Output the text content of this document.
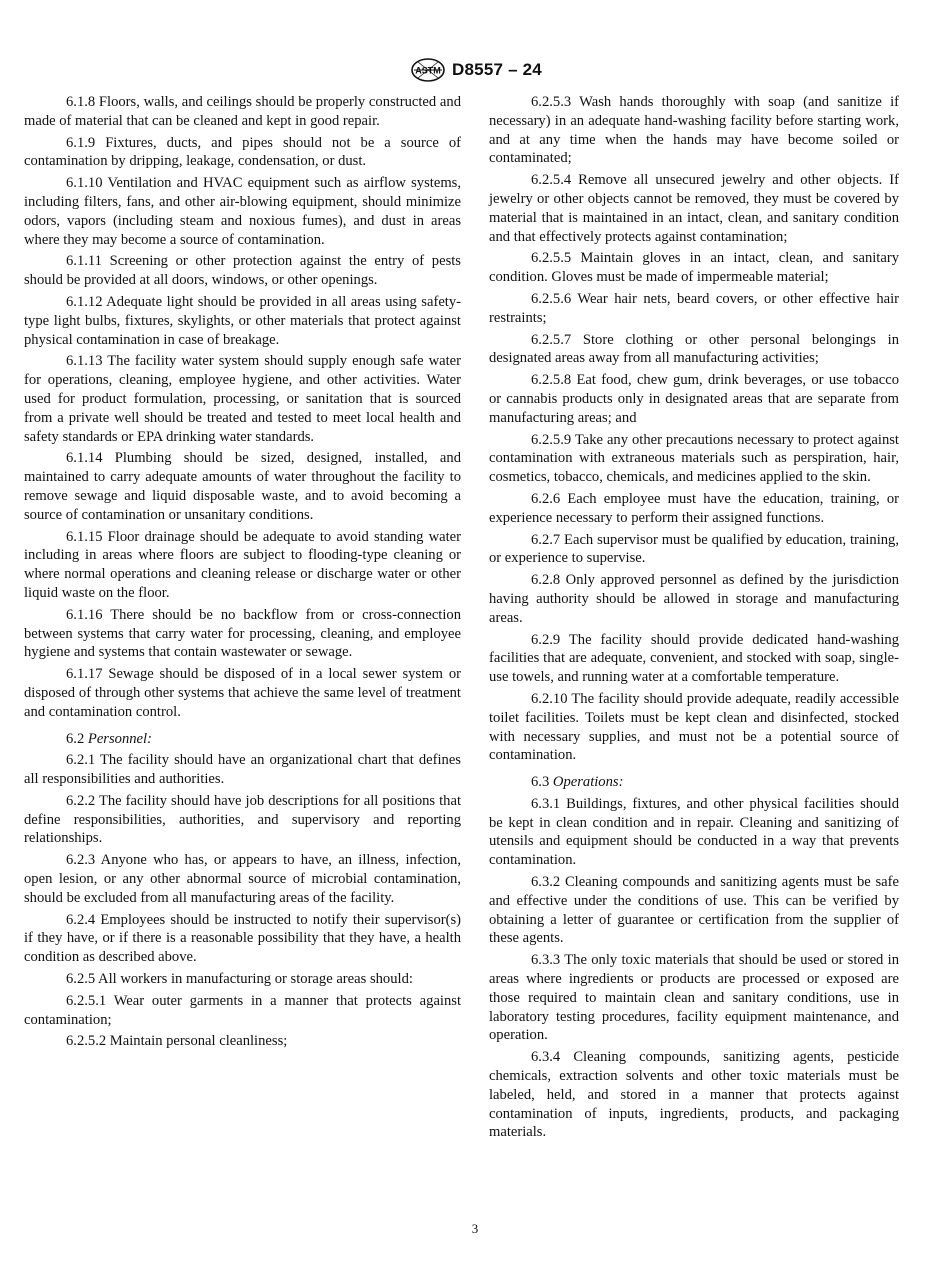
ASTM D8557 – 24

6.1.8 Floors, walls, and ceilings should be properly constructed and made of material that can be cleaned and kept in good repair.

6.1.9 Fixtures, ducts, and pipes should not be a source of contamination by dripping, leakage, condensation, or dust.

6.1.10 Ventilation and HVAC equipment such as airflow systems, including filters, fans, and other air-blowing equipment, should minimize odors, vapors (including steam and noxious fumes), and dust in areas where they may become a source of contamination.

6.1.11 Screening or other protection against the entry of pests should be provided at all doors, windows, or other openings.

6.1.12 Adequate light should be provided in all areas using safety-type light bulbs, fixtures, skylights, or other materials that protect against physical contamination in case of breakage.

6.1.13 The facility water system should supply enough safe water for operations, cleaning, employee hygiene, and other activities. Water used for product formulation, processing, or sanitation that is sourced from a private well should be treated and tested to meet local health and safety standards or EPA drinking water standards.

6.1.14 Plumbing should be sized, designed, installed, and maintained to carry adequate amounts of water throughout the facility to remove sewage and liquid disposable waste, and to avoid becoming a source of contamination or unsanitary conditions.

6.1.15 Floor drainage should be adequate to avoid standing water including in areas where floors are subject to flooding-type cleaning or where normal operations and cleaning release or discharge water or other liquid waste on the floor.

6.1.16 There should be no backflow from or cross-connection between systems that carry water for processing, cleaning, and employee hygiene and systems that contain wastewater or sewage.

6.1.17 Sewage should be disposed of in a local sewer system or disposed of through other systems that achieve the same level of treatment and contamination control.

6.2 Personnel:

6.2.1 The facility should have an organizational chart that defines all responsibilities and authorities.

6.2.2 The facility should have job descriptions for all positions that define responsibilities, authorities, and supervisory and reporting relationships.

6.2.3 Anyone who has, or appears to have, an illness, infection, open lesion, or any other abnormal source of microbial contamination, should be excluded from all manufacturing areas of the facility.

6.2.4 Employees should be instructed to notify their supervisor(s) if they have, or if there is a reasonable possibility that they have, a health condition as described above.

6.2.5 All workers in manufacturing or storage areas should:

6.2.5.1 Wear outer garments in a manner that protects against contamination;

6.2.5.2 Maintain personal cleanliness;

6.2.5.3 Wash hands thoroughly with soap (and sanitize if necessary) in an adequate hand-washing facility before starting work, and at any time when the hands may have become soiled or contaminated;

6.2.5.4 Remove all unsecured jewelry and other objects. If jewelry or other objects cannot be removed, they must be covered by material that is maintained in an intact, clean, and sanitary condition and that effectively protects against contamination;

6.2.5.5 Maintain gloves in an intact, clean, and sanitary condition. Gloves must be made of impermeable material;

6.2.5.6 Wear hair nets, beard covers, or other effective hair restraints;

6.2.5.7 Store clothing or other personal belongings in designated areas away from all manufacturing activities;

6.2.5.8 Eat food, chew gum, drink beverages, or use tobacco or cannabis products only in designated areas that are separate from manufacturing areas; and

6.2.5.9 Take any other precautions necessary to protect against contamination with extraneous materials such as perspiration, hair, cosmetics, tobacco, chemicals, and medicines applied to the skin.

6.2.6 Each employee must have the education, training, or experience necessary to perform their assigned functions.

6.2.7 Each supervisor must be qualified by education, training, or experience to supervise.

6.2.8 Only approved personnel as defined by the jurisdiction having authority should be allowed in storage and manufacturing areas.

6.2.9 The facility should provide dedicated hand-washing facilities that are adequate, convenient, and stocked with soap, single-use towels, and running water at a comfortable temperature.

6.2.10 The facility should provide adequate, readily accessible toilet facilities. Toilets must be kept clean and disinfected, stocked with necessary supplies, and must not be a potential source of contamination.

6.3 Operations:

6.3.1 Buildings, fixtures, and other physical facilities should be kept in clean condition and in repair. Cleaning and sanitizing of utensils and equipment should be conducted in a way that prevents contamination.

6.3.2 Cleaning compounds and sanitizing agents must be safe and effective under the conditions of use. This can be verified by obtaining a letter of guarantee or certification from the supplier of these agents.

6.3.3 The only toxic materials that should be used or stored in areas where ingredients or products are processed or exposed are those required to maintain clean and sanitary conditions, use in laboratory testing procedures, facility equipment maintenance, and operation.

6.3.4 Cleaning compounds, sanitizing agents, pesticide chemicals, extraction solvents and other toxic materials must be labeled, held, and stored in a manner that protects against contamination of inputs, ingredients, products, and packaging materials.

3
